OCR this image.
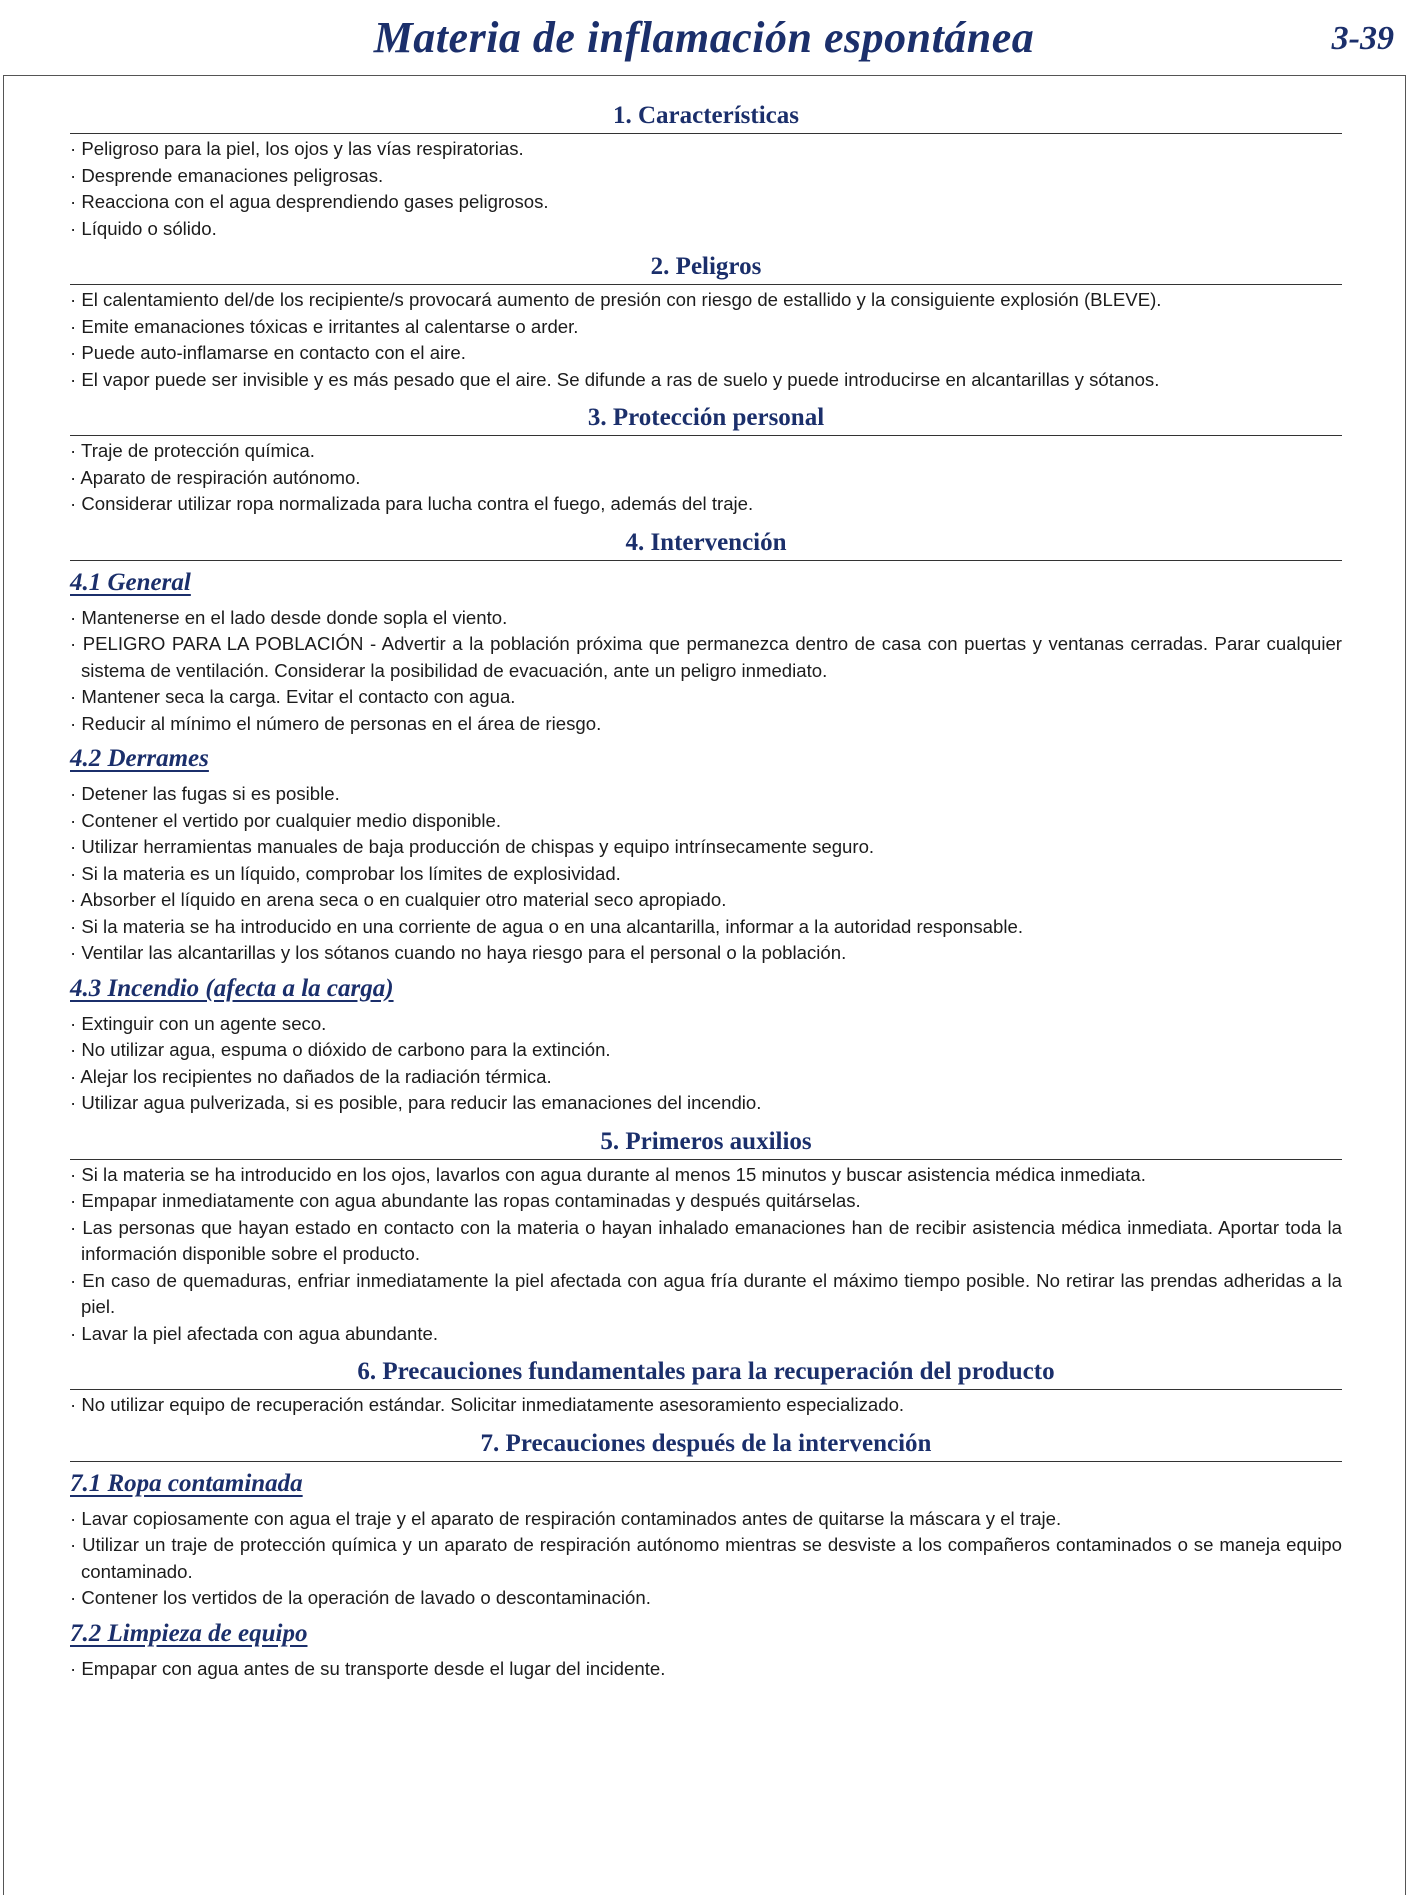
Materia de inflamación espontánea	3-39
1. Características
· Peligroso para la piel, los ojos y las vías respiratorias.
· Desprende emanaciones peligrosas.
· Reacciona con el agua desprendiendo gases peligrosos.
· Líquido o sólido.
2. Peligros
· El calentamiento del/de los recipiente/s provocará aumento de presión con riesgo de estallido y la consiguiente explosión (BLEVE).
· Emite emanaciones tóxicas e irritantes al calentarse o arder.
· Puede auto-inflamarse en contacto con el aire.
· El vapor puede ser invisible y es más pesado que el aire. Se difunde a ras de suelo y puede introducirse en alcantarillas y sótanos.
3. Protección personal
· Traje de protección química.
· Aparato de respiración autónomo.
· Considerar utilizar ropa normalizada para lucha contra el fuego, además del traje.
4. Intervención
4.1 General
· Mantenerse en el lado desde donde sopla el viento.
· PELIGRO PARA LA POBLACIÓN - Advertir a la población próxima que permanezca dentro de casa con puertas y ventanas cerradas. Parar cualquier sistema de ventilación. Considerar la posibilidad de evacuación, ante un peligro inmediato.
· Mantener seca la carga. Evitar el contacto con agua.
· Reducir al mínimo el número de personas en el área de riesgo.
4.2 Derrames
· Detener las fugas si es posible.
· Contener el vertido por cualquier medio disponible.
· Utilizar herramientas manuales de baja producción de chispas y equipo intrínsecamente seguro.
· Si la materia es un líquido, comprobar los límites de explosividad.
· Absorber el líquido en arena seca o en cualquier otro material seco apropiado.
· Si la materia se ha introducido en una corriente de agua o en una alcantarilla, informar a la autoridad responsable.
· Ventilar las alcantarillas y los sótanos cuando no haya riesgo para el personal o la población.
4.3 Incendio (afecta a la carga)
· Extinguir con un agente seco.
· No utilizar agua, espuma o dióxido de carbono para la extinción.
· Alejar los recipientes no dañados de la radiación térmica.
· Utilizar agua pulverizada, si es posible, para reducir las emanaciones del incendio.
5. Primeros auxilios
· Si la materia se ha introducido en los ojos, lavarlos con agua durante al menos 15 minutos y buscar asistencia médica inmediata.
· Empapar inmediatamente con agua abundante las ropas contaminadas y después quitárselas.
· Las personas que hayan estado en contacto con la materia o hayan inhalado emanaciones han de recibir asistencia médica inmediata. Aportar toda la información disponible sobre el producto.
· En caso de quemaduras, enfriar inmediatamente la piel afectada con agua fría durante el máximo tiempo posible. No retirar las prendas adheridas a la piel.
· Lavar la piel afectada con agua abundante.
6. Precauciones fundamentales para la recuperación del producto
· No utilizar equipo de recuperación estándar. Solicitar inmediatamente asesoramiento especializado.
7. Precauciones después de la intervención
7.1 Ropa contaminada
· Lavar copiosamente con agua el traje y el aparato de respiración contaminados antes de quitarse la máscara y el traje.
· Utilizar un traje de protección química y un aparato de respiración autónomo mientras se desviste a los compañeros contaminados o se maneja equipo contaminado.
· Contener los vertidos de la operación de lavado o descontaminación.
7.2 Limpieza de equipo
· Empapar con agua antes de su transporte desde el lugar del incidente.
